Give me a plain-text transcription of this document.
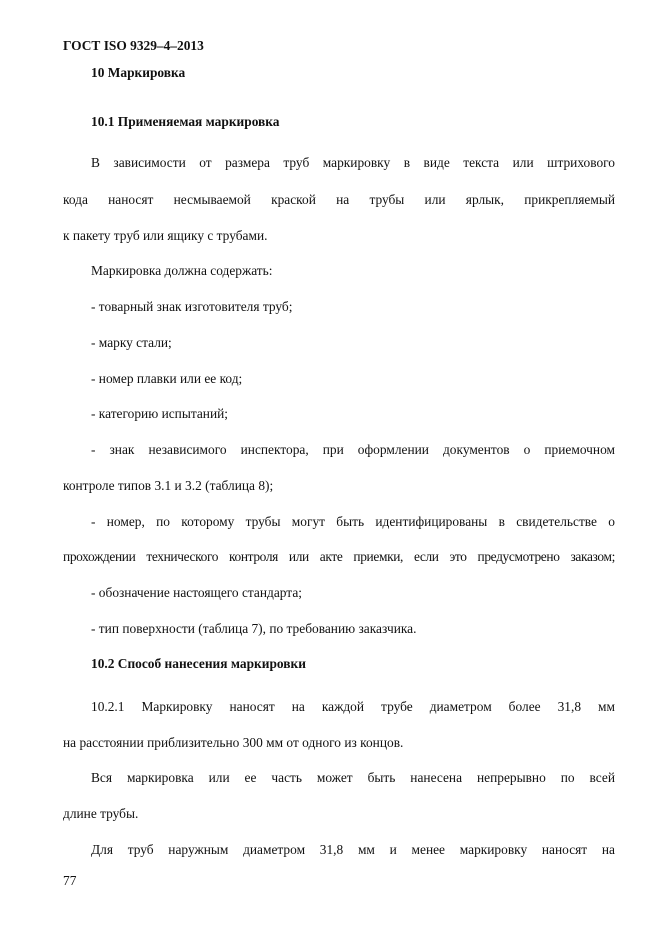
ГОСТ ISO 9329–4–2013
10 Маркировка
10.1 Применяемая маркировка
В зависимости от размера труб маркировку в виде текста или штрихового
кода наносят несмываемой краской на трубы или ярлык, прикрепляемый
к пакету труб или ящику с трубами.
Маркировка должна содержать:
- товарный знак изготовителя труб;
- марку стали;
- номер плавки или ее код;
- категорию испытаний;
- знак независимого инспектора, при оформлении документов о приемочном
контроле типов 3.1 и 3.2 (таблица 8);
- номер, по которому трубы могут быть идентифицированы в свидетельстве о
прохождении технического контроля или акте приемки, если это предусмотрено заказом;
- обозначение настоящего стандарта;
- тип поверхности (таблица 7), по требованию заказчика.
10.2 Способ нанесения маркировки
10.2.1 Маркировку наносят на каждой трубе диаметром более 31,8 мм
на расстоянии приблизительно 300 мм от одного из концов.
Вся маркировка или ее часть может быть нанесена непрерывно по всей
длине трубы.
Для труб наружным диаметром 31,8 мм и менее маркировку наносят на
77
